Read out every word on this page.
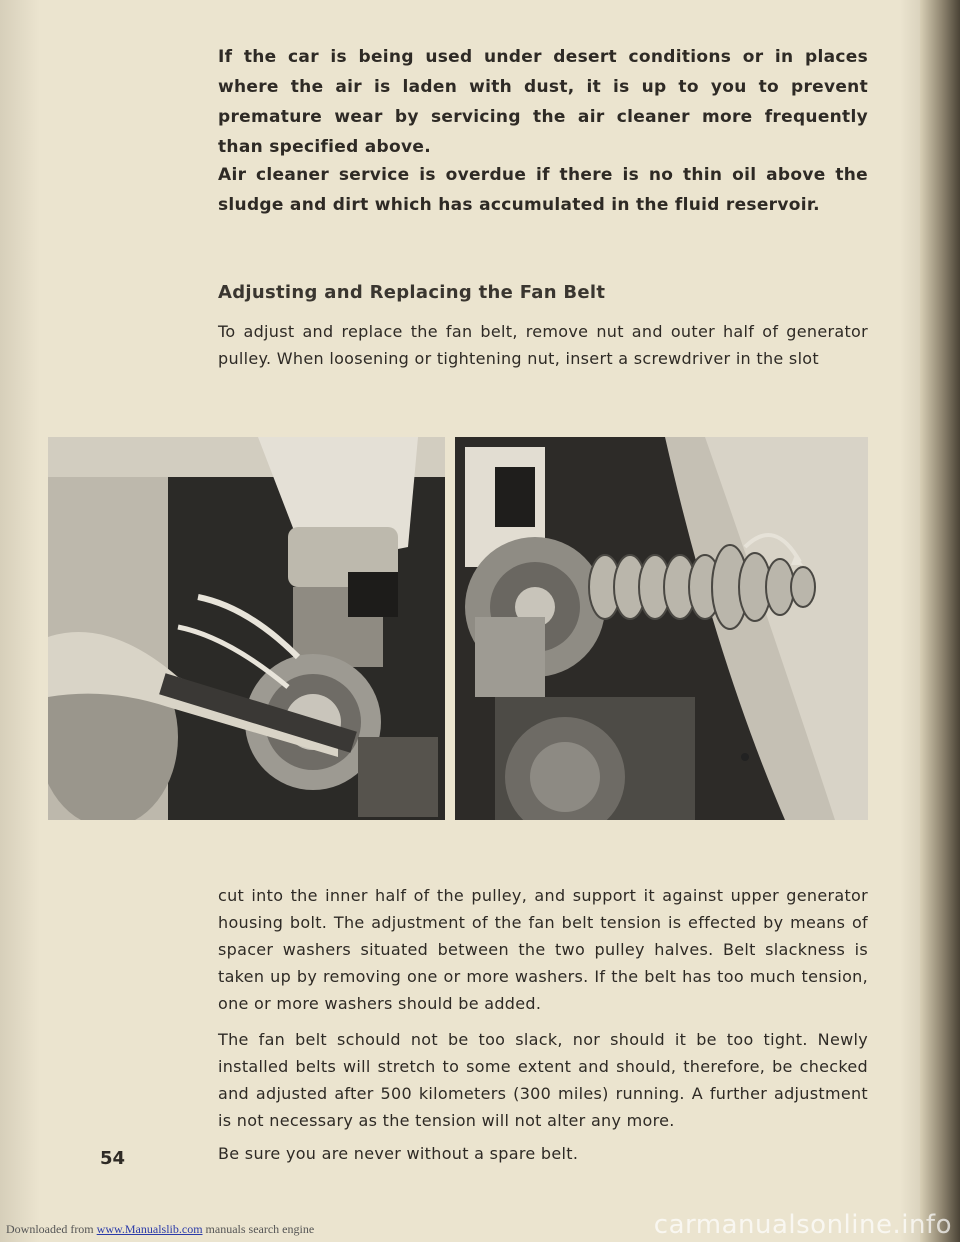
If the car is being used under desert conditions or in places where the air is laden with dust, it is up to you to prevent premature wear by servicing the air cleaner more frequently than specified above.

Air cleaner service is overdue if there is no thin oil above the sludge and dirt which has accumulated in the fluid reservoir.

Adjusting and Replacing the Fan Belt

To adjust and replace the fan belt, remove nut and outer half of generator pulley. When loosening or tightening nut, insert a screwdriver in the slot

cut into the inner half of the pulley, and support it against upper generator housing bolt. The adjustment of the fan belt tension is effected by means of spacer washers situated between the two pulley halves. Belt slackness is taken up by removing one or more washers. If the belt has too much tension, one or more washers should be added.

The fan belt schould not be too slack, nor should it be too tight. Newly installed belts will stretch to some extent and should, therefore, be checked and adjusted after 500 kilometers (300 miles) running. A further adjustment is not necessary as the tension will not alter any more.

Be sure you are never without a spare belt.

54
Downloaded from www.Manualslib.com manuals search engine	carmanualsonline.info
